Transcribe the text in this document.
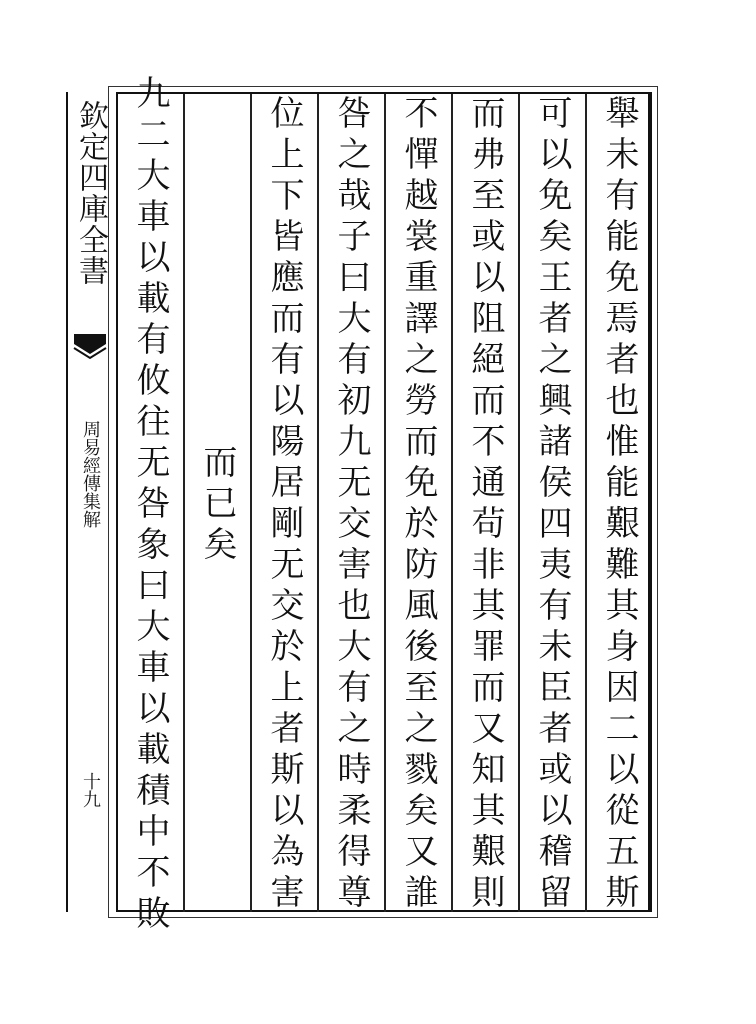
欽定四庫全書
周易經傳集解
十九	舉未有能免焉者也惟能艱難其身因二以從五斯
可以免矣王者之興諸侯四夷有未臣者或以稽留
而弗至或以阻絕而不通茍非其罪而又知其艱則
不憚越裳重譯之勞而免於防風後至之戮矣又誰
咎之哉子曰大有初九无交害也大有之時柔得尊
位上下皆應而有以陽居剛无交於上者斯以為害
而已矣
九二大車以載有攸往无咎象曰大車以載積中不敗
